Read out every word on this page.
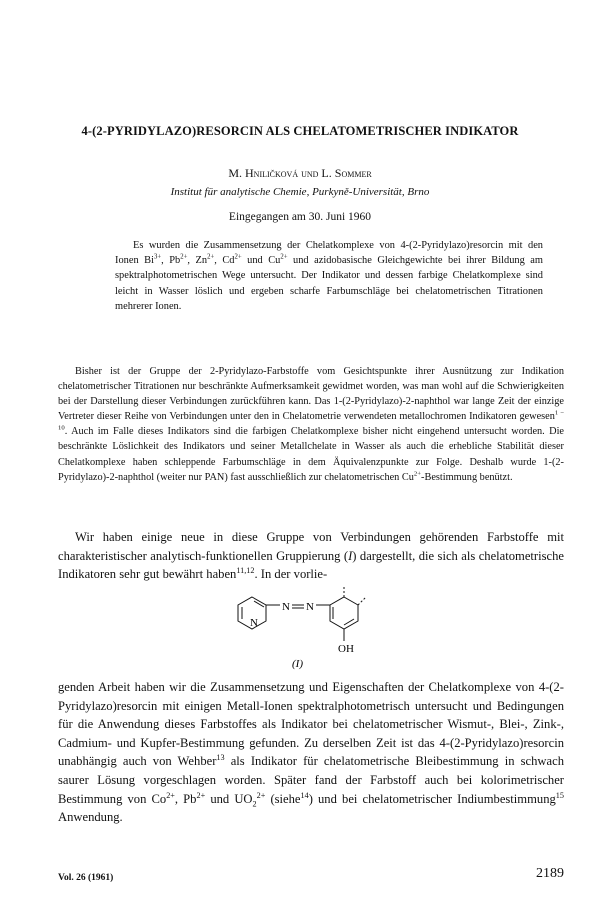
4-(2-PYRIDYLAZO)RESORCIN ALS CHELATOMETRISCHER INDIKATOR
M. Hniličková und L. Sommer
Institut für analytische Chemie, Purkyně-Universität, Brno
Eingegangen am 30. Juni 1960
Es wurden die Zusammensetzung der Chelatkomplexe von 4-(2-Pyridylazo)resorcin mit den Ionen $Bi^{3+}$, $Pb^{2+}$, $Zn^{2+}$, $Cd^{2+}$ und $Cu^{2+}$ und azidobasische Gleichgewichte bei ihrer Bildung am spektralphotometrischen Wege untersucht. Der Indikator und dessen farbige Chelatkomplexe sind leicht in Wasser löslich und ergeben scharfe Farbumschläge bei chelatometrischen Titrationen mehrerer Ionen.
Bisher ist der Gruppe der 2-Pyridylazo-Farbstoffe vom Gesichtspunkte ihrer Ausnützung zur Indikation chelatometrischer Titrationen nur beschränkte Aufmerksamkeit gewidmet worden, was man wohl auf die Schwierigkeiten bei der Darstellung dieser Verbindungen zurückführen kann. Das 1-(2-Pyridylazo)-2-naphthol war lange Zeit der einzige Vertreter dieser Reihe von Verbindungen unter den in Chelatometrie verwendeten metallochromen Indikatoren gewesen$^{1 - 10}$. Auch im Falle dieses Indikators sind die farbigen Chelatkomplexe bisher nicht eingehend untersucht worden. Die beschränkte Löslichkeit des Indikators und seiner Metallchelate in Wasser als auch die erhebliche Stabilität dieser Chelatkomplexe haben schleppende Farbumschläge in dem Äquivalenzpunkte zur Folge. Deshalb wurde 1-(2-Pyridylazo)-2-naphthol (weiter nur PAN) fast ausschließlich zur chelatometrischen $Cu^{2+}$-Bestimmung benützt.
Wir haben einige neue in diese Gruppe von Verbindungen gehörenden Farbstoffe mit charakteristischer analytisch-funktionellen Gruppierung (I) dargestellt, die sich als chelatometrische Indikatoren sehr gut bewährt haben$^{11,12}$. In der vorlie-
N
N N
OH
(I)
genden Arbeit haben wir die Zusammensetzung und Eigenschaften der Chelatkomplexe von 4-(2-Pyridylazo)resorcin mit einigen Metall-Ionen spektralphotometrisch untersucht und Bedingungen für die Anwendung dieses Farbstoffes als Indikator bei chelatometrischer Wismut-, Blei-, Zink-, Cadmium- und Kupfer-Bestimmung gefunden. Zu derselben Zeit ist das 4-(2-Pyridylazo)resorcin unabhängig auch von Wehber$^{13}$ als Indikator für chelatometrische Bleibestimmung in schwach saurer Lösung vorgeschlagen worden. Später fand der Farbstoff auch bei kolorimetrischer Bestimmung von $Co^{2+}$, $Pb^{2+}$ und $UO_2^{2+}$ (siehe$^{14}$) und bei chelatometrischer Indiumbestimmung$^{15}$ Anwendung.
Vol. 26 (1961)	2189
